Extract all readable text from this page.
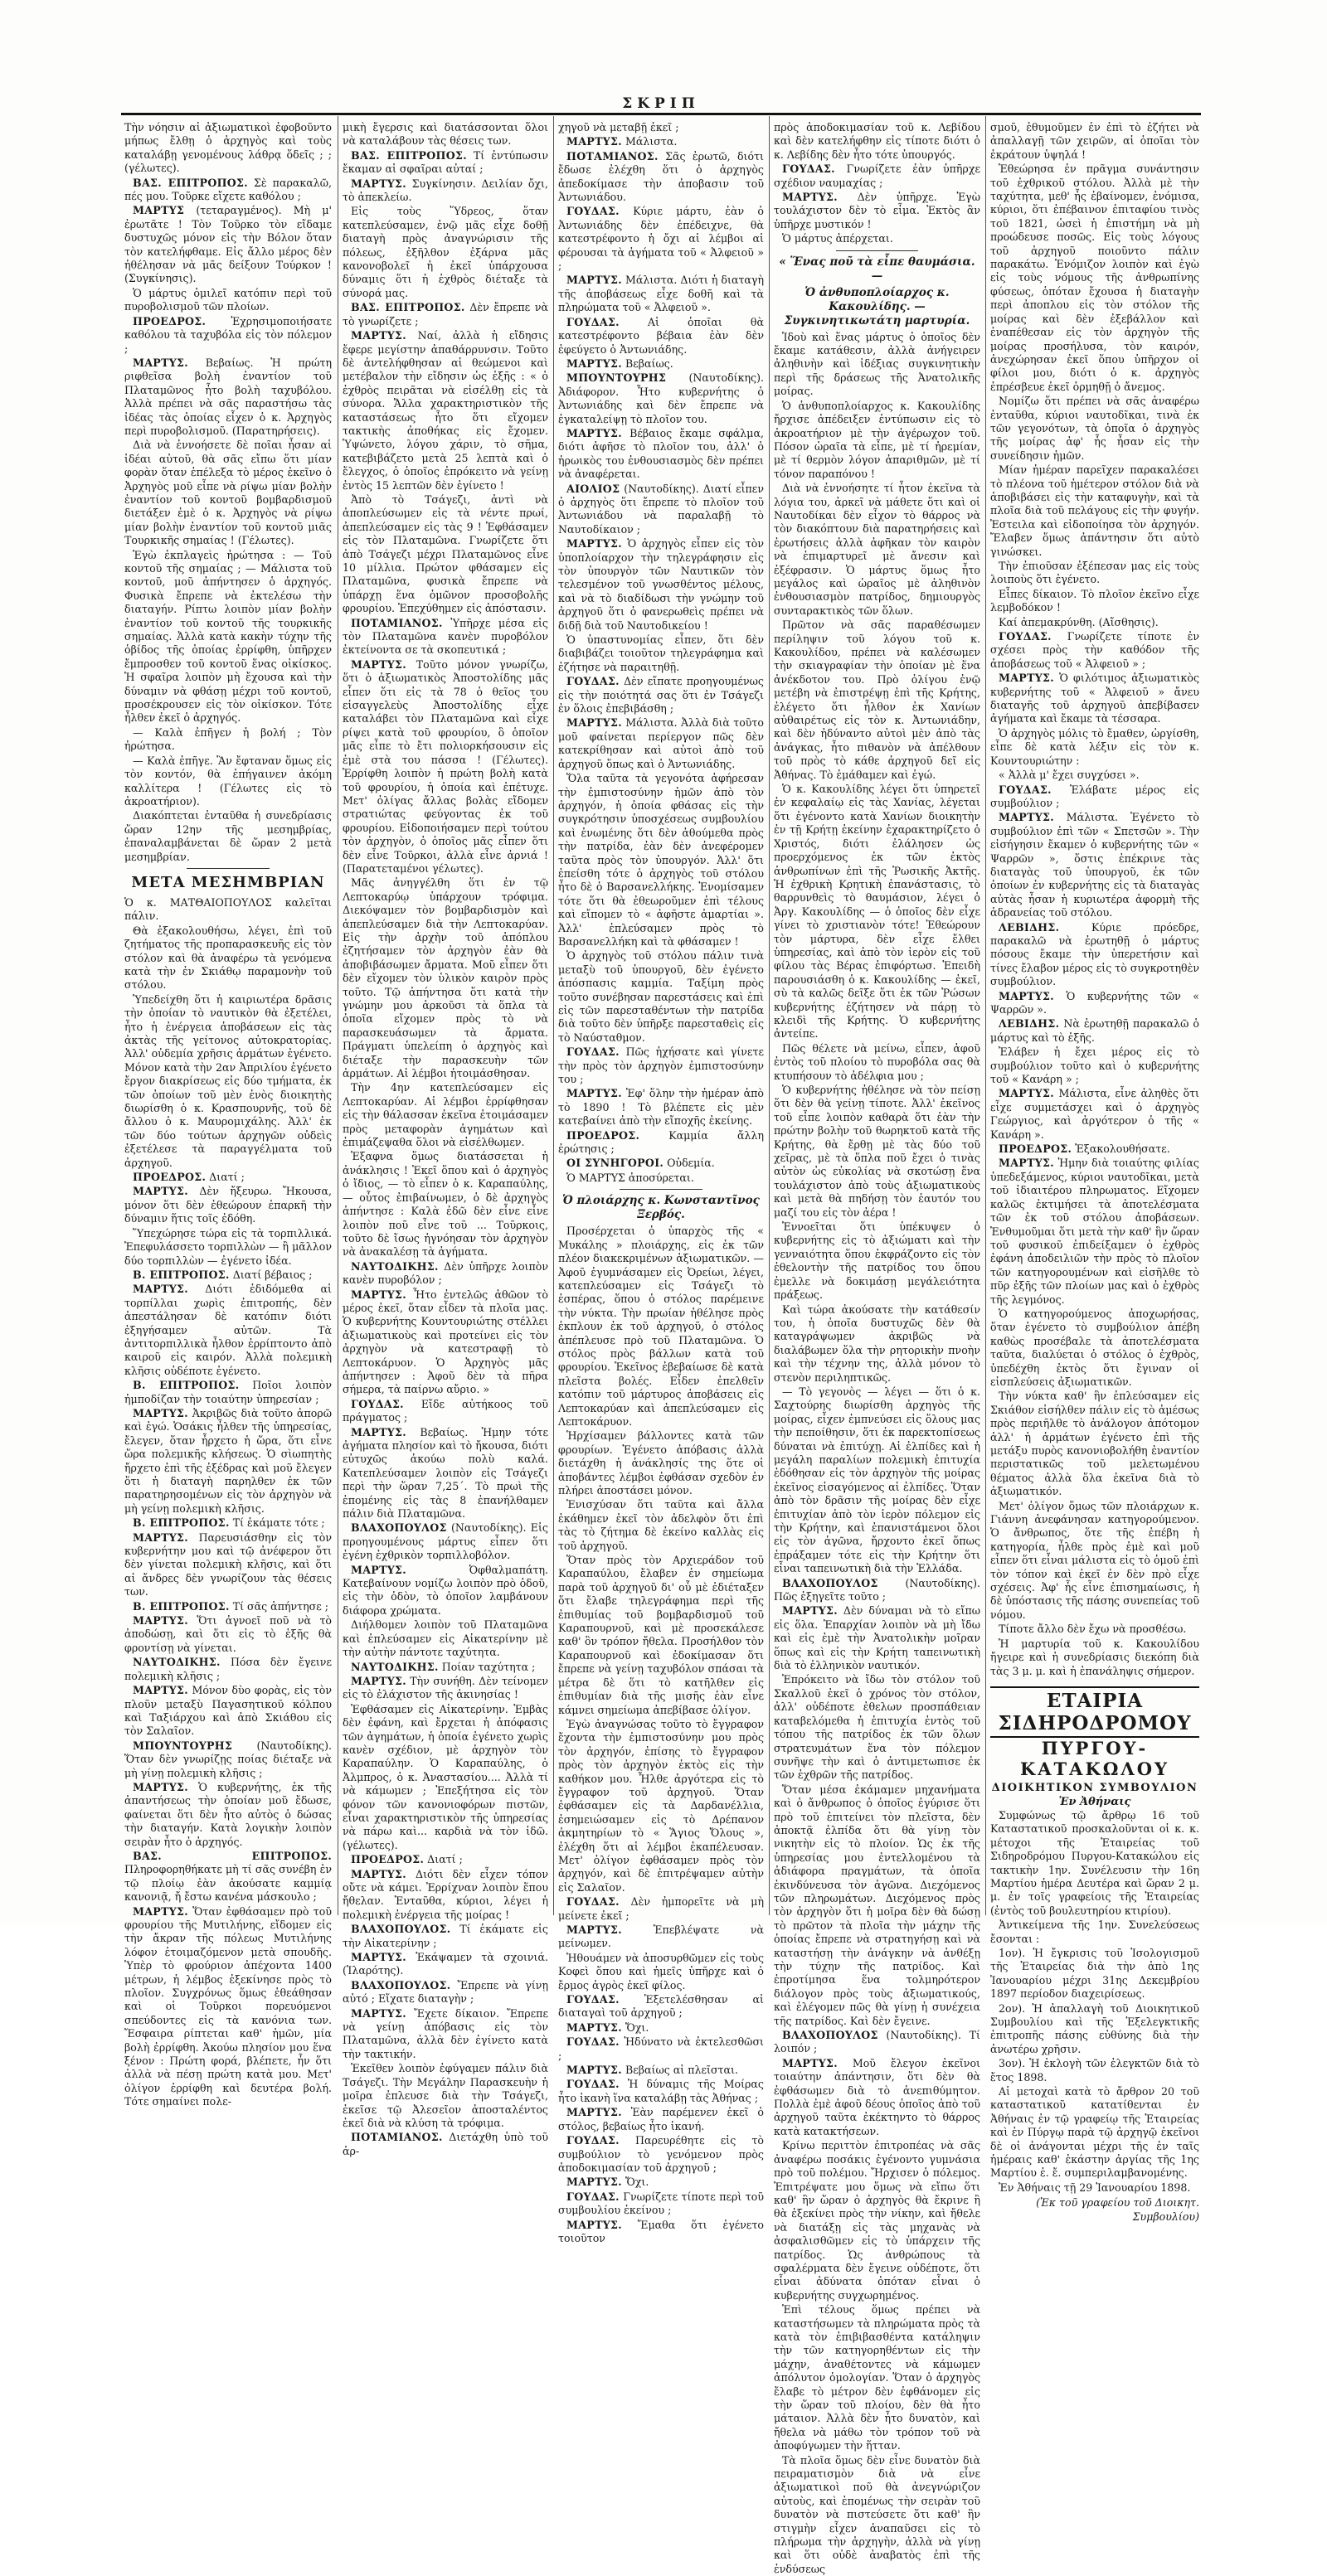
ΣΚΡΙΠ

Τὴν νόησιν αἱ ἀξιωματικοὶ ἐφοβοῦντο μήπως ἔλθῃ ὁ ἀρχηγὸς καὶ τοὺς καταλάβῃ γενομένους λάθρᾳ ὅδεῖς ; ; (γέλωτες).

ΒΑΣ. ΕΠΙΤΡΟΠΟΣ. Σὲ παρακαλῶ, πές μου. Τοῦρκε εἴχετε καθόλου ;

ΜΑΡΤΥΣ (τεταραγμένος). Μὴ μ' ἐρωτᾶτε ! Τὸν Τοῦρκο τὸν εἴδαμε δυστυχῶς μόνον εἰς τὴν Βόλον ὅταν τὸν κατελήφθαμε. Εἰς ἄλλο μέρος δὲν ἠθέλησαν νὰ μᾶς δείξουν Τούρκον ! (Συγκίνησις).

Ὁ μάρτυς ὁμιλεῖ κατόπιν περὶ τοῦ πυροβολισμοῦ τῶν πλοίων.

ΠΡΟΕΔΡΟΣ. Ἐχρησιμοποιήσατε καθόλου τὰ ταχυβόλα εἰς τὸν πόλεμον ;

ΜΑΡΤΥΣ. Βεβαίως. Ἡ πρώτη ριφθεῖσα βολὴ ἐναντίον τοῦ Πλαταμῶνος ἦτο βολὴ ταχυβόλου. Ἀλλὰ πρέπει νὰ σᾶς παραστήσω τὰς ἰδέας τὰς ὁποίας εἶχεν ὁ κ. Ἀρχηγὸς περὶ πυροβολισμοῦ. (Παρατηρήσεις).

Διὰ νὰ ἐννοήσετε δὲ ποῖαι ἦσαν αἱ ἰδέαι αὐτοῦ, θὰ σᾶς εἴπω ὅτι μίαν φορὰν ὅταν ἐπέλεξα τὸ μέρος ἐκεῖνο ὁ Ἀρχηγὸς μοῦ εἶπε νὰ ρίψω μίαν βολὴν ἐναντίον τοῦ κοντοῦ βομβαρδισμοῦ διετάξεν ἐμὲ ὁ κ. Ἀρχηγὸς νὰ ρίψω μίαν βολὴν ἐναντίον τοῦ κοντοῦ μιᾶς Τουρκικῆς σημαίας ! (Γέλωτες).

Ἐγὼ ἐκπλαγεὶς ἠρώτησα : — Τοῦ κοντοῦ τῆς σημαίας ; — Μάλιστα τοῦ κοντοῦ, μοῦ ἀπήντησεν ὁ ἀρχηγός. Φυσικὰ ἔπρεπε νὰ ἐκτελέσω τὴν διαταγήν. Ρίπτω λοιπὸν μίαν βολὴν ἐναντίον τοῦ κοντοῦ τῆς τουρκικῆς σημαίας. Ἀλλὰ κατὰ κακὴν τύχην τῆς ὁβίδος τῆς ὁποίας ἐρρίφθη, ὑπῆρχεν ἔμπροσθεν τοῦ κοντοῦ ἕνας οἰκίσκος. Ἡ σφαῖρα λοιπὸν μὴ ἔχουσα καὶ τὴν δύναμιν νὰ φθάσῃ μέχρι τοῦ κοντοῦ, προσέκρουσεν εἰς τὸν οἰκίσκον. Τότε ἦλθεν ἐκεῖ ὁ ἀρχηγός.

— Καλὰ ἐπῆγεν ἡ βολή ; Τὸν ἠρώτησα.

— Καλὰ ἐπῆγε. Ἂν ἔφταναν ὅμως εἰς τὸν κοντόν, θὰ ἐπήγαινεν ἀκόμη καλλίτερα ! (Γέλωτες εἰς τὸ ἀκροατήριον).

Διακόπτεται ἐνταῦθα ἡ συνεδρίασις ὥραν 12ην τῆς μεσημβρίας, ἐπαναλαμβάνεται δὲ ὥραν 2 μετὰ μεσημβρίαν.

ΜΕΤΑ ΜΕΣΗΜΒΡΙΑΝ

Ὁ κ. ΜΑΤΘΑΙΟΠΟΥΛΟΣ καλεῖται πάλιν.

Θὰ ἐξακολουθήσω, λέγει, ἐπὶ τοῦ ζητήματος τῆς προπαρασκευῆς εἰς τὸν στόλον καὶ θὰ ἀναφέρω τὰ γενόμενα κατὰ τὴν ἐν Σκιάθῳ παραμονὴν τοῦ στόλου.

Ὑπεδείχθη ὅτι ἡ καιριωτέρα δρᾶσις τὴν ὁποίαν τὸ ναυτικὸν θὰ ἐξετέλει, ἦτο ἡ ἐνέργεια ἀποβάσεων εἰς τὰς ἀκτὰς τῆς γείτονος αὐτοκρατορίας. Ἀλλ' οὐδεμία χρῆσις ἀρμάτων ἐγένετο. Μόνον κατὰ τὴν 2αν Ἀπριλίου ἐγένετο ἔργον διακρίσεως εἰς δύο τμήματα, ἐκ τῶν ὁποίων τοῦ μὲν ἑνὸς διοικητὴς διωρίσθη ὁ κ. Κρασπουρνῆς, τοῦ δὲ ἄλλου ὁ κ. Μαυρομιχάλης. Ἀλλ' ἐκ τῶν δύο τούτων ἀρχηγῶν οὐδεὶς ἐξετέλεσε τὰ παραγγέλματα τοῦ ἀρχηγοῦ.

ΠΡΟΕΔΡΟΣ. Διατί ;

ΜΑΡΤΥΣ. Δὲν ἤξευρω. Ἤκουσα, μόνον ὅτι δὲν ἐθεώρουν ἐπαρκῆ τὴν δύναμιν ἥτις τοῖς ἐδόθη.

Ὕπεχώρησε τώρα εἰς τὰ τορπιλλικά. Ἐπεφυλάσσετο τορπιλλὼν — ἢ μᾶλλον δύο τορπιλλὼν — ἐγένετο ἰδέα.

Β. ΕΠΙΤΡΟΠΟΣ. Διατί βέβαιος ;

ΜΑΡΤΥΣ. Διότι ἐδιδόμεθα αἱ τορπίλλαι χωρὶς ἐπιτροπής, δὲν ἀπεστάλησαν δὲ κατόπιν διότι ἐξηγήσαμεν αὐτῶν. Τὰ ἀντιτορπιλλικὰ ἦλθον ἐρρίπτοντο ἀπὸ καιροῦ εἰς καιρόν. Ἀλλὰ πολεμικὴ κλῆσις οὐδέποτε ἐγένετο.

Β. ΕΠΙΤΡΟΠΟΣ. Ποῖοι λοιπὸν ἠμποδίζαν τὴν τοιαύτην ὑπηρεσίαν ;

ΜΑΡΤΥΣ. Ἀκριβῶς διὰ τοῦτο ἀπορῶ καὶ ἐγώ. Ὁσάκις ἦλθεν τῆς ὑπηρεσίας, ἔλεγεν, ὅταν ἦρχετο ἡ ὥρα, ὅτι εἶνε ὥρα πολεμικῆς κλήσεως. Ὁ σὶωπητὴς ἤρχετο ἐπὶ τῆς ἐξέδρας καὶ μοῦ ἔλεγεν ὅτι ἡ διαταγὴ παρηλθεν ἐκ τῶν παρατηρησομένων εἰς τὸν ἀρχηγὸν νὰ μὴ γείνῃ πολεμικὴ κλῆσις.

Β. ΕΠΙΤΡΟΠΟΣ. Τί ἐκάματε τότε ;

ΜΑΡΤΥΣ. Παρευσιάσθην εἰς τὸν κυβερνήτην μου καὶ τῷ ἀνέφερον ὅτι δὲν γίνεται πολεμικὴ κλῆσις, καὶ ὅτι αἱ ἄνδρες δὲν γνωρίζουν τὰς θέσεις των.

Β. ΕΠΙΤΡΟΠΟΣ. Τί σᾶς ἀπήντησε ;

ΜΑΡΤΥΣ. Ὅτι ἀγνοεῖ ποῦ νὰ τὸ ἀποδώσῃ, καὶ ὅτι εἰς τὸ ἑξῆς θὰ φροντίσῃ νὰ γίνεται.

ΝΑΥΤΟΔΙΚΗΣ. Πόσα δὲν ἔγεινε πολεμικὴ κλῆσις ;

ΜΑΡΤΥΣ. Μόνον δὺο φορὰς, εἰς τὸν πλοῦν μεταξὺ Παγασητικοῦ κόλπου καὶ Ταξιάρχου καὶ ἀπὸ Σκιάθου εἰς τὸν Σαλαῖον.

ΜΠΟΥΝΤΟΥΡΗΣ (Ναυτοδίκης). Ὅταν δὲν γνωρίζῃς ποίας διέταξε νὰ μὴ γίνῃ πολεμικὴ κλῆσις ;

ΜΑΡΤΥΣ. Ὁ κυβερνήτης, ἐκ τῆς ἀπαντήσεως τὴν ὁποίαν μοῦ ἔδωσε, φαίνεται ὅτι δὲν ἦτο αὐτὸς ὁ δώσας τὴν διαταγήν. Κατὰ λογικὴν λοιπὸν σειρὰν ἦτο ὁ ἀρχηγός.

ΒΑΣ. ΕΠΙΤΡΟΠΟΣ. Πληροφορηθήκατε μὴ τί σᾶς συνέβη ἐν τῷ πλοίῳ ἐὰν ἀκούσατε καμμίᾳ κανονιᾷ, ἤ ἔστω κανένα μάσκουλο ;

ΜΑΡΤΥΣ. Ὅταν ἐφθάσαμεν πρὸ τοῦ φρουρίου τῆς Μυτιλήνης, εἴδομεν εἰς τὴν ἄκραν τῆς πόλεως Μυτιλήνης λόφον ἐτοιμαζόμενον μετὰ σπουδῆς. Ὑπὲρ τὸ φρούριον ἀπέχοντα 1400 μέτρων, ἡ λέμβος ἐξεκίνησε πρὸς τὸ πλοῖον. Συγχρόνως ὅμως ἐθεάθησαν καὶ οἱ Τοῦρκοι πορευόμενοι σπεύδοντες εἰς τὰ κανόνια των. Ἔσφαιρα ρίπτεται καθ' ἡμῶν, μία βολὴ ἐρρίφθη. Ἀκούω πλησίον μου ἕνα ξένον : Πρώτη φορά, βλέπετε, ἦν ὅτι ἀλλὰ νὰ πέσῃ πρώτη κατὰ μου. Μετ' ὀλίγον ἐρρίφθη καὶ δευτέρα βολή. Τότε σημαίνει πολε-

μικὴ ἔγερσις καὶ διατάσσονται ὅλοι νὰ καταλάβουν τὰς θέσεις των.

ΒΑΣ. ΕΠΙΤΡΟΠΟΣ. Τί ἐντύπωσιν ἔκαμαν αἱ σφαῖραι αὐταί ;

ΜΑΡΤΥΣ. Συγκίνησιν. Δειλίαν ὄχι, τὸ ἀπεκλείω.

Εἰς τοὺς Ὕδρεος, ὅταν κατεπλεύσαμεν, ἐνῷ μᾶς εἶχε δοθῇ διαταγὴ πρὸς ἀναγνώρισιν τῆς πόλεως, ἐξῆλθον ἐξάρνα μᾶς κανονοβολεῖ ἡ ἐκεῖ ὑπάρχουσα δύναμις ὅτι ἡ ἐχθρὸς διέταξε τὰ σύνορά μας.

ΒΑΣ. ΕΠΙΤΡΟΠΟΣ. Δὲν ἔπρεπε νὰ τὸ γνωρίζετε ;

ΜΑΡΤΥΣ. Ναί, ἀλλὰ ἡ εἴδησις ἔφερε μεγίστην ἀπαθάρρυνσιν. Τοῦτο δὲ ἀντελήφθησαν αἱ θεώμενοι καὶ μετέβαλον τὴν εἴδησιν ὡς ἑξῆς : « ὁ ἐχθρὸς πειρᾶται νὰ εἰσέλθῃ εἰς τὰ σύνορα. Ἄλλα χαρακτηριστικὸν τῆς καταστάσεως ἦτο ὅτι εἴχομεν τακτικὴς ἀποθήκας εἰς ἔχομεν. Ὑψώνετο, λόγου χάριν, τὸ σῆμα, κατεβιβάζετο μετὰ 25 λεπτὰ καὶ ὁ ἔλεγχος, ὁ ὁποῖος ἐπρόκειτο νὰ γείνῃ ἐντὸς 15 λεπτῶν δὲν ἐγίνετο !

Ἀπὸ τὸ Τσάγεζι, ἀντὶ νὰ ἀποπλεύσωμεν εἰς τὰ νέντε πρωί, ἀπεπλεύσαμεν εἰς τὰς 9 ! Ἐφθάσαμεν εἰς τὸν Πλαταμῶνα. Γνωρίζετε ὅτι ἀπὸ Τσάγεζι μέχρι Πλαταμῶνος εἶνε 10 μίλλια. Πρώτον φθάσαμεν εἰς Πλαταμῶνα, φυσικὰ ἔπρεπε νὰ ὑπάρχῃ ἕνα ὁμῶνον προσοβολῆς φρουρίου. Ἐπεχύθημεν εἰς ἀπόστασιν.

ΠΟΤΑΜΙΑΝΟΣ. Ὑπῆρχε μέσα εἰς τὸν Πλαταμῶνα κανὲν πυροβόλον ἐκτείνοντα σε τὰ σκοπευτικά ;

ΜΑΡΤΥΣ. Τοῦτο μόνον γνωρίζω, ὅτι ὁ ἀξιωματικὸς Ἀποστολίδης μᾶς εἶπεν ὅτι εἰς τὰ 78 ὁ θεῖος του εἰσαγγελεὺς Ἀποστολίδης εἶχε καταλάβει τὸν Πλαταμῶνα καὶ εἶχε ρίψει κατὰ τοῦ φρουρίου, ὃ ὁποῖον μᾶς εἶπε τὸ ἔτι πολιορκήσουσιν εἰς ἐμὲ στὰ του πάσσα ! (Γέλωτες). Ἐρρίφθη λοιπὸν ἡ πρώτη βολὴ κατὰ τοῦ φρουρίου, ἡ ὁποία καὶ ἐπέτυχε. Μετ' ὀλίγας ἄλλας βολὰς εἴδομεν στρατιώτας φεύγοντας ἐκ τοῦ φρουρίου. Εἰδοποιήσαμεν περὶ τούτου τὸν ἀρχηγὸν, ὁ ὁποῖος μᾶς εἶπεν ὅτι δὲν εἶνε Τοῦρκοι, ἀλλὰ εἶνε ἀρνιά ! (Παρατεταμένοι γέλωτες).

Μᾶς ἀνηγγέλθη ὅτι ἐν τῷ Λεπτοκαρύῳ ὑπάρχουν τρόφιμα. Διεκόψαμεν τὸν βομβαρδισμὸν καὶ ἀπεπλεύσαμεν διὰ τὴν Λεπτοκαρύαν. Εἰς τὴν ἀρχὴν τοῦ ἀπόπλου ἐζητήσαμεν τὸν ἀρχηγὸν ἐὰν θὰ ἀποβιβάσωμεν ἄρματα. Μοῦ εἶπεν ὅτι δὲν εἴχομεν τὸν ὑλικὸν καιρὸν πρὸς τοῦτο. Τῷ ἀπήντησα ὅτι κατὰ τὴν γνώμην μου ἀρκοῦσι τὰ ὅπλα τὰ ὁποῖα εἴχομεν πρὸς τὸ νὰ παρασκευάσωμεν τὰ ἄρματα. Πράγματι ὑπελείπη ὁ ἀρχηγὸς καὶ διέταξε τὴν παρασκευὴν τῶν ἀρμάτων. Αἱ λέμβοι ἡτοιμάσθησαν.

Τὴν 4ην κατεπλεύσαμεν εἰς Λεπτοκαρύαν. Αἱ λέμβοι ἐρρίφθησαν εἰς τὴν θάλασσαν ἐκεῖνα ἐτοιμάσαμεν πρὸς μεταφορὰν ἀγημάτων καὶ ἐπιμάζεψαθα ὅλοι νὰ εἰσέλθωμεν.

Ἐξαφνα ὅμως διατάσσεται ἡ ἀνάκλησις ! Ἐκεῖ ὅπου καὶ ὁ ἀρχηγὸς ὁ ἴδιος, — τὸ εἶπεν ὁ κ. Καραπαύλης, — οὗτος ἐπιβαίνωμεν, ὁ δὲ ἀρχηγὸς ἀπήντησε : Καλὰ ἐδῶ δὲν εἶνε εἶνε λοιπὸν ποῦ εἶνε τοῦ ... Τοῦρκοις, τοῦτο δὲ ἴσως ἠγνόησαν τὸν ἀρχηγὸν νὰ ἀνακαλέσῃ τὰ ἀγήματα.

ΝΑΥΤΟΔΙΚΗΣ. Δὲν ὑπῆρχε λοιπὸν κανὲν πυροβόλον ;

ΜΑΡΤΥΣ. Ἦτο ἐντελῶς ἀθῶον τὸ μέρος ἐκεῖ, ὅταν εἶδεν τὰ πλοῖα μας. Ὁ κυβερνήτης Κουντουριώτης στέλλει ἀξιωματικοὺς καὶ προτείνει εἰς τὸν ἀρχηγὸν νὰ κατεστραφῇ τὸ Λεπτοκάρυον. Ὁ Ἀρχηγὸς μᾶς ἀπήντησεν : Ἀφοῦ δὲν τὰ πῆρα σήμερα, τὰ παίρνω αὔριο. »

ΓΟΥΔΑΣ. Εἴδε αὐτήκοος τοῦ πράγματος ;

ΜΑΡΤΥΣ. Βεβαίως. Ἡμην τότε ἀγήματα πλησίον καὶ τὸ ἤκουσα, διότι εὐτυχῶς ἀκούω πολὺ καλά. Κατεπλεύσαμεν λοιπὸν εἰς Τσάγεζι περὶ τὴν ὥραν 7,25΄. Τὸ πρωὶ τῆς ἑπομένης εἰς τὰς 8 ἐπανήλθαμεν πάλιν διὰ Πλαταμῶνα.

ΒΛΑΧΟΠΟΥΛΟΣ (Ναυτοδίκης). Εἰς προηγουμένους μάρτυς εἶπεν ὅτι ἐγένη ἐχθρικὸν τορπιλλοβόλον.

ΜΑΡΤΥΣ.	Ὀφθαλμαπάτη. Κατεβαίνουν νομίζω λοιπὸν πρὸ ὁδοῦ, εἰς τὴν ὁδὸν, τὸ ὁποῖον λαμβάνουν διάφορα χρώματα.

Διήλθομεν λοιπὸν τοῦ Πλαταμῶνα καὶ ἐπλεύσαμεν εἰς Αἰκατερίνην μὲ τὴν αὐτὴν πάντοτε ταχύτητα.

ΝΑΥΤΟΔΙΚΗΣ. Ποίαν ταχύτητα ;

ΜΑΡΤΥΣ. Τὴν συνήθη. Δὲν τείνομεν εἰς τὸ ἐλάχιστον τῆς ἀκινησίας !

Ἐφθάσαμεν εἰς Αἰκατερίνην. Ἐμβὰς δὲν ἐφάνη, καὶ ἔρχεται ἡ ἀπόφασις τῶν ἀγημάτων, ἡ ὁποία ἐγένετο χωρὶς κανὲν σχέδιον, μὲ ἀρχηγὸν τὸν Καραπαύλην. Ὁ Καραπαύλης, ὁ Ἀλμπρος, ὁ κ. Ἀναστασίου.... Ἀλλὰ τί νὰ κάμωμεν ; Ἐπεξήτησα εἰς τὸν φόνον τῶν κανονιοφόρων πιστῶν, εἶναι χαρακτηριστικὸν τῆς ὑπηρεσίας νὰ πάρω καὶ... καρδιὰ νὰ τὸν ἰδῶ. (γέλωτες).

ΠΡΟΕΔΡΟΣ. Διατί ;

ΜΑΡΤΥΣ. Διότι δὲν εἶχεν τόπον οὔτε νὰ κάμει. Ἐρρίχναν λοιπὸν ἕπου ἤθελαν. Ἐνταῦθα, κύριοι, λέγει ἡ πολεμικὴ ἐνέργεια τῆς μοίρας !

ΒΛΑΧΟΠΟΥΛΟΣ. Τί ἐκάματε εἰς τὴν Αἰκατερίνην ;

ΜΑΡΤΥΣ. Ἐκάψαμεν τὰ σχοινιά. (Ἱλαρότης).

ΒΛΑΧΟΠΟΥΛΟΣ. Ἔπρεπε νὰ γίνῃ αὐτό ; Εἴχατε διαταγὴν ;

ΜΑΡΤΥΣ. Ἔχετε δίκαιον. Ἔπρεπε νὰ γείνῃ ἀπόβασις εἰς τὸν Πλαταμῶνα, ἀλλὰ δὲν ἐγίνετο κατὰ τὴν τακτικήν.

Ἐκεῖθεν λοιπὸν ἐφύγαμεν πάλιν διὰ Τσάγεζι. Τὴν Μεγάλην Παρασκευὴν ἡ μοῖρα ἐπλευσε διὰ τὴν Τσάγεζι, ἐκεῖσε τῷ Ἀλεσεῖον ἀποσταλέντος ἐκεῖ διὰ νὰ κλύση τὰ τρόφιμα.

ΠΟΤΑΜΙΑΝΟΣ. Διετάχθη ὑπὸ τοῦ ἀρ-

χηγοῦ νὰ μεταβῇ ἐκεῖ ;

ΜΑΡΤΥΣ. Μάλιστα.

ΠΟΤΑΜΙΑΝΟΣ. Σᾶς ἐρωτῶ, διότι ἔδωσε ἐλέχθη ὅτι ὁ ἀρχηγὸς ἀπεδοκίμασε τὴν ἀποβασιν τοῦ Ἀντωνιάδου.

ΓΟΥΔΑΣ. Κύριε μάρτυ, ἐὰν ὁ Ἀντωνιάδης δὲν ἐπέδειχνε, θὰ κατεστρέφοντο ἡ ὄχι αἱ λέμβοι αἱ φέρουσαι τὰ ἀγήματα τοῦ « Ἀλφειοῦ » ;

ΜΑΡΤΥΣ. Μάλιστα. Διότι ἡ διαταγὴ τῆς ἀποβάσεως εἶχε δοθῆ καὶ τὰ πληρώματα τοῦ « Ἀλφειοῦ ».

ΓΟΥΔΑΣ.	Αἱ ὁποῖαι θὰ κατεστρέφοντο βέβαια ἐὰν δὲν ἐφεύγετο ὁ Ἀντωνιάδης.

ΜΑΡΤΥΣ. Βεβαίως.

ΜΠΟΥΝΤΟΥΡΗΣ (Ναυτοδίκης). Ἀδιάφορον. Ἦτο κυβερνήτης ὁ Ἀντωνιάδης καὶ δὲν ἔπρεπε νὰ ἐγκαταλείψῃ τὸ πλοῖον του.

ΜΑΡΤΥΣ. Βέβαιος ἔκαμε σφάλμα, διότι ἀφῆσε τὸ πλοῖον του, ἀλλ' ὁ ἡρωικὸς του ἐνθουσιασμὸς δὲν πρέπει νὰ ἀναφέρεται.

ΑΙΟΛΙΟΣ (Ναυτοδίκης). Διατί εἶπεν ὁ ἀρχηγὸς ὅτι ἔπρεπε τὸ πλοῖον τοῦ Ἀντωνιάδου νὰ παραλαβῇ τὸ Ναυτοδίκαιον ;

ΜΑΡΤΥΣ. Ὁ ἀρχηγὸς εἶπεν εἰς τὸν ὑποπλοίαρχον τὴν τηλεγράφησιν εἰς τὸν ὑπουργὸν τῶν Ναυτικῶν τὸν τελεσμένον τοῦ γνωσθέντος μέλους, καὶ νὰ τὸ διαδίδωσι τὴν γνώμην τοῦ ἀρχηγοῦ ὅτι ὁ φανερωθεὶς πρέπει νὰ διδῇ διὰ τοῦ Ναυτοδικείου !

Ὁ ὑπαστυνομίας εἶπεν, ὅτι δὲν διαβιβάζει τοιοῦτον τηλεγράφημα καὶ ἐζήτησε νὰ παραιτηθῇ.

ΓΟΥΔΑΣ. Δὲν εἴπατε προηγουμένως εἰς τὴν ποιότητά σας ὅτι ἐν Τσάγεζι ἐν ὅλοις ἐπεβιβάσθη ;

ΜΑΡΤΥΣ. Μάλιστα. Ἀλλὰ διὰ τοῦτο μοῦ φαίνεται περίεργον πῶς δὲν κατεκρίθησαν καὶ αὐτοὶ ἀπὸ τοῦ ἀρχηγοῦ ὅπως καὶ ὁ Ἀντωνιάδης.

Ὅλα ταῦτα τὰ γεγονότα ἀφήρεσαν τὴν ἐμπιστοσύνην ἡμῶν ἀπὸ τὸν ἀρχηγόν, ἡ ὁποία φθάσας εἰς τὴν συγκρότησιν ὑποσχέσεως συμβουλίου καὶ ἐνωμένης ὅτι δὲν ἀθούμεθα πρὸς τὴν πατρίδα, ἐὰν δὲν ἀνεφέρομεν ταῦτα πρὸς τὸν ὑπουργόν. Ἀλλ' ὅτι ἐπείσθη τότε ὁ ἀρχηγὸς τοῦ στόλου ἦτο δὲ ὁ Βαρσανελλήκης. Ἐνομίσαμεν τότε ὅτι θὰ ἐθεωροῦμεν ἐπὶ τέλους καὶ εἴπομεν τὸ « ἀφῆστε ἀμαρτίαι ». Ἀλλ' ἐπλεύσαμεν πρὸς τὸ Βαρσανελλήκη καὶ τὰ φθάσαμεν !

Ὁ ἀρχηγὸς τοῦ στόλου πάλιν τινὰ μεταξὺ τοῦ ὑπουργοῦ, δὲν ἐγένετο ἀπόσπασις καμμία. Ταξίμη πρὸς τοῦτο συνέβησαν παρεστάσεις καὶ ἐπὶ εἰς τῶν παρεσταθέντων τὴν πατρίδα διὰ τοῦτο δὲν ὑπῆρξε παρεσταθεὶς εἰς τὸ Ναύσταθμον.

ΓΟΥΔΑΣ. Πῶς ἠχήσατε καὶ γίνετε τὴν πρὸς τὸν ἀρχηγὸν ἐμπιστοσύνην του ;

ΜΑΡΤΥΣ. Ἐφ' ὅλην τὴν ἡμέραν ἀπὸ τὸ 1890 ! Τὸ βλέπετε εἰς μὲν κατεβαίνει ἀπὸ τὴν εἴποχῆς ἐκείνης.

ΠΡΟΕΔΡΟΣ.	Καμμία ἄλλη ἐρώτησις ;

ΟΙ ΣΥΝΗΓΟΡΟΙ. Οὐδεμία.

Ὁ ΜΑΡΤΥΣ ἀποσύρεται.

Ὁ πλοιάρχης κ. Κωνσταντῖνος Ξερβός.

Προσέρχεται ὁ ὑπαρχὸς τῆς « Μυκάλης » πλοιάρχης, εἰς ἐκ τῶν πλέον διακεκριμένων ἀξιωματικῶν. — Ἀφοῦ ἐγυμνάσαμεν εἰς Ὀρείωι, λέγει, κατεπλεύσαμεν εἰς Τσάγεζι τὸ ἑσπέρας, ὅπου ὁ στόλος παρέμεινε τὴν νύκτα. Τὴν πρωίαν ἠθέλησε πρὸς ἐκπλουν ἐκ τοῦ ἀρχηγοῦ, ὁ στόλος ἀπέπλευσε πρὸ τοῦ Πλαταμῶνα. Ὁ στόλος πρὸς βάλλων κατὰ τοῦ φρουρίου. Ἐκεῖνος ἐβεβαίωσε δὲ κατὰ πλεῖστα βολές. Εἶδεν ἐπελθεῖν κατόπιν τοῦ μάρτυρος ἀποβάσεις εἰς Λεπτοκαρύαν καὶ ἀπεπλεύσαμεν εἰς Λεπτοκάρυον.

Ἡρχίσαμεν βάλλοντες κατὰ τῶν φρουρίων. Ἐγένετο ἀπόβασις ἀλλὰ διετάχθη ἡ ἀνάκλησίς της ὅτε οἱ ἀποβάντες λέμβοι ἐφθάσαν σχεδὸν ἐν πλήρει ἀποστάσει μόνον.

Ἐνισχύσαν ὅτι ταῦτα καὶ ἄλλα ἐκάθημεν ἐκεῖ τὸν ἀδελφὸν ὅτι ἐπὶ τὰς τὸ ζήτημα δὲ ἐκείνο καλλὰς εἰς τοῦ ἀρχηγοῦ.

Ὅταν πρὸς τὸν Αρχιεράδον τοῦ Καραπαύλου, ἔλαβεν ἐν σημείωμα παρὰ τοῦ ἀρχηγοῦ δι' οὗ μὲ ἐδιέταξεν ὅτι ἔλαβε τηλεγράφημα περὶ τῆς ἐπιθυμίας τοῦ βομβαρδισμοῦ τοῦ Καραπουρνοῦ, καὶ μὲ προσεκάλεσε καθ' ὃν τρόπον ἤθελα. Προσήλθον τὸν Καραπουρνοῦ καὶ ἐδοκίμασαν ὅτι ἔπρεπε νὰ γείνῃ ταχυβόλον σπάσαι τὰ μέτρα δὲ ὅτι τὸ κατῆλθεν εἰς ἐπιθυμίαν διὰ τῆς μισῆς ἐὰν εἶνε κάμνει σημείωμα ἀπεβίβασε ὀλίγον.

Ἐγὼ ἀναγνώσας τοῦτο τὸ ἔγγραφον ἔχοντα τὴν ἐμπιστοσύνην μου πρὸς τὸν ἀρχηγόν, ἐπίσης τὸ ἔγγραφον πρὸς τὸν ἀρχηγὸν ἑκτὸς εἰς τὴν καθήκον μου. Ἦλθε ἀργότερα εἰς τὸ ἔγγραφον τοῦ ἀρχηγοῦ. Ὅταν ἐφθάσαμεν εἰς τὰ Δαρδανέλλια, ἐσημειώσαμεν εἰς τὸ Δρέπανον ἀκμητηρίων τὸ « Ἅγιος Ὄλους », ἐλέχθη ὅτι αἱ λέμβοι ἐκαπέλευσαν. Μετ' ὀλίγον ἐφθάσαμεν πρὸς τὸν ἀρχηγόν, καὶ δὲ ἐπιτρέψαμεν αὐτὴν εἰς Σαλαῖον.

ΓΟΥΔΑΣ. Δὲν ἠμπορεῖτε νὰ μὴ μείνετε ἐκεῖ ;

ΜΑΡΤΥΣ.	Ἐπεβλέψατε νὰ μείνωμεν.

Ἡθουάμεν νὰ ἀποσυρθῶμεν εἰς τοὺς Κοφεὶ ὅπου καὶ ἡμεῖς ὑπῆρχε καὶ ὁ ἔρμος ἀγρὸς ἐκεῖ φίλος.

ΓΟΥΔΑΣ. Ἐξετελέσθησαν αἱ διαταγαὶ τοῦ ἀρχηγοῦ ;

ΜΑΡΤΥΣ. Ὄχι.

ΓΟΥΔΑΣ. Ἠδύνατο νὰ ἐκτελεσθῶσι ;

ΜΑΡΤΥΣ. Βεβαίως αἱ πλεῖσται.

ΓΟΥΔΑΣ. Ἡ δύναμις τῆς Μοίρας ἦτο ἱκανὴ ἵνα καταλάβῃ τὰς Ἀθήνας ;

ΜΑΡΤΥΣ. Ἐὰν παρέμενεν ἐκεῖ ὁ στόλος, βεβαίως ἦτο ἱκανή.

ΓΟΥΔΑΣ. Παρευρέθητε εἰς τὸ συμβούλιον τὸ γενόμενον πρὸς ἀποδοκιμασίαν τοῦ ἀρχηγοῦ ;

ΜΑΡΤΥΣ. Ὄχι.

ΓΟΥΔΑΣ. Γνωρίζετε τίποτε περὶ τοῦ συμβουλίου ἐκείνου ;

ΜΑΡΤΥΣ. Ἔμαθα ὅτι ἐγένετο τοιοῦτον

πρὸς ἀποδοκιμασίαν τοῦ κ. Λεβίδου καὶ δὲν κατελήφθην εἰς τίποτε διότι ὁ κ. Λεβίδης δὲν ἦτο τότε ὑπουργός.

ΓΟΥΔΑΣ. Γνωρίζετε ἐὰν ὑπῆρχε σχέδιον ναυμαχίας ;

ΜΑΡΤΥΣ. Δὲν ὑπῆρχε. Ἐγὼ τουλάχιστον δὲν τὸ εἶμα. Ἐκτὸς ἂν ὑπῆρχε μυστικόν !

Ὁ μάρτυς ἀπέρχεται.

« Ἕνας ποῦ τὰ εἶπε θαυμάσια. —
Ὁ ἀνθυποπλοίαρχος κ. Κακουλίδης. — Συγκινητικωτάτη μαρτυρία.

Ἰδοὺ καὶ ἕνας μάρτυς ὁ ὁποῖος δὲν ἔκαμε κατάθεσιν, ἀλλὰ ἀνήγειρεν ἀληθινὴν καὶ ἰδέξιας συγκινητικὴν περὶ τῆς δράσεως τῆς Ἀνατολικῆς μοίρας.

Ὁ ἀνθυποπλοίαρχος κ. Κακουλίδης ἤρχισε ἀπέδειξεν ἐντύπωσιν εἰς τὸ ἀκροατήριον μὲ τὴν ἀγέρωχον τοῦ. Πόσον ὡραῖα τὰ εἶπε, μὲ τί ἠρεμίαν, μὲ τί θερμὸν λόγον ἀπαριθμῶν, μὲ τί τόνον παραπόνου !

Διὰ νὰ ἐννοήσητε τί ἦτον ἐκεῖνα τὰ λόγια του, ἀρκεῖ νὰ μάθετε ὅτι καὶ οἱ Ναυτοδίκαι δὲν εἶχον τὸ θάρρος νὰ τὸν διακόπτουν διὰ παρατηρήσεις καὶ ἐρωτήσεις ἀλλὰ ἀφῆκαν τὸν καιρὸν νὰ ἐπιμαρτυρεῖ μὲ ἄνεσιν καὶ ἐξέφρασιν. Ὁ μάρτυς ὅμως ἦτο μεγάλος καὶ ὡραῖος μὲ ἀληθινὸν ἐνθουσιασμὸν πατρίδος, δημιουργὸς συνταρακτικὸς τῶν ὅλων.

Πρῶτον νὰ σᾶς παραθέσωμεν περίληψιν τοῦ λόγου τοῦ κ. Κακουλίδου, πρέπει νὰ καλέσωμεν τὴν σκιαγραφίαν τὴν ὁποίαν μὲ ἕνα ἀνέκδοτον του. Πρὸ ὀλίγου ἐνῷ μετέβη νὰ ἐπιστρέψῃ ἐπὶ τῆς Κρήτης, ἐλέγετο ὅτι ἦλθον ἐκ Χανίων αὐθαιρέτως εἰς τὸν κ. Ἀντωνιάδην, καὶ δὲν ἠδύναντο αὐτοὶ μὲν ἀπὸ τὰς ἀνάγκας, ἦτο πιθανὸν νὰ ἀπέλθουν τοῦ πρὸς τὸ κάθε ἀρχηγοῦ δεῖ εἰς Ἀθήνας. Τὸ ἐμάθαμεν καὶ ἐγώ.

Ὁ κ. Κακουλίδης λέγει ὅτι ὑπηρετεῖ ἐν κεφαλαίῳ εἰς τὰς Χανίας, λέγεται ὅτι ἐγένοντο κατὰ Χανίων διοικητὴν ἐν τῇ Κρήτῃ ἐκείνην ἐχαρακτηρίζετο ὁ Χριστός, διότι ἐλάλησεν ὡς προερχόμενος ἐκ τῶν ἐκτὸς ἀνθρωπίνων ἐπὶ τῆς Ῥωσικῆς Ἀκτῆς. Ἡ ἐχθρικὴ Κρητικὴ ἐπανάστασις, τὸ θαρρυνθεὶς τὸ θαυμάσιον, λέγει ὁ Ἀργ. Κακουλίδης — ὁ ὁποῖος δὲν εἶχε γίνει τὸ χριστιανὸν τότε! Ἐθεώρουν τὸν μάρτυρα, δὲν εἶχε ἔλθει ὑπηρεσίας, καὶ ἀπὸ τὸν ἱερὸν εἰς τοῦ φίλου τὰς Βέρας ἐπιφόρτωσ. Ἐπειδὴ παρουσιάσθη ὁ κ. Κακουλίδης — ἐκεῖ, σὺ τὰ καλῶς δεῖξε ὅτι ἐκ τῶν Ῥώσων κυβερνήτης ἐζήτησεν νὰ πάρῃ τὸ κλειδὶ τῆς Κρήτης. Ὁ κυβερνήτης ἀντείπε.

Πῶς θέλετε νὰ μείνω, εἶπεν, ἀφοῦ ἐντὸς τοῦ πλοίου τὸ πυροβόλα σας θὰ κτυπήσουν τὸ ἀδέλφια μου ;

Ὁ κυβερνήτης ἠθέλησε νὰ τὸν πείσῃ ὅτι δὲν θὰ γείνῃ τίποτε. Ἀλλ' ἐκεῖνος τοῦ εἶπε λοιπὸν καθαρὰ ὅτι ἐὰν τὴν πρώτην βολὴν τοῦ θωρηκτοῦ κατὰ τῆς Κρήτης, θὰ ἔρθῃ μὲ τὰς δύο τοῦ χεῖρας, μὲ τὰ ὅπλα ποῦ ἔχει ὁ τινὰς αὐτὸν ὡς εὐκολίας νὰ σκοτώσῃ ἕνα τουλάχιστον ἀπὸ τοὺς ἀξιωματικοὺς καὶ μετὰ θὰ πηδήσῃ τὸν ἑαυτόν του μαζί του εἰς τὸν ἀέρα !

Ἐννοεῖται ὅτι ὑπέκυψεν ὁ κυβερνήτης εἰς τὸ ἀξιώματι καὶ τὴν γενναιότητα ὅπου ἐκφράζοντο εἰς τὸν ἐθελοντὴν τῆς πατρίδος του ὅπου ἐμελλε νὰ δοκιμάσῃ μεγάλειότητα πράξεως.

Καὶ τώρα ἀκούσατε τὴν κατάθεσίν του, ἡ ὁποῖα δυστυχῶς δὲν θὰ καταγράψωμεν ἀκριβῶς νὰ διαλάβωμεν ὅλα τὴν ρητορικὴν πνοὴν καὶ τὴν τέχνην της, ἀλλὰ μόνον τὸ στενὸν περιληπτικῶς.

— Τὸ γεγονὸς — λέγει — ὅτι ὁ κ. Σαχτούρης διωρίσθη ἀρχηγὸς τῆς μοίρας, εἶχεν ἐμπνεύσει εἰς ὅλους μας τὴν πεποίθησιν, ὅτι ἐκ παρεκτοπίσεως δύναται νὰ ἐπιτύχῃ. Αἱ ἐλπίδες καὶ ἡ μεγάλη παραλίων πολεμικὴ ἐπιτυχία ἐδόθησαν εἰς τὸν ἀρχηγὸν τῆς μοίρας ἐκεῖνος εἰσαγόμενος αἱ ἐλπίδες. Ὅταν ἀπὸ τὸν δρᾶσιν τῆς μοίρας δὲν εἶχε ἐπιτυχίαν ἀπὸ τὸν ἱερὸν πόλεμον εἰς τὴν Κρήτην, καὶ ἐπανιστάμενοι ὅλοι εἰς τὸν ἀγῶνα, ἤρχοντο ἐκεῖ ὅπως ἐπράξαμεν τότε εἰς τὴν Κρήτην ὅτι εἶναι ταπεινωτικὴ διὰ τὴν Ἑλλάδα.

ΒΛΑΧΟΠΟΥΛΟΣ	(Ναυτοδίκης). Πῶς ἐξηγεῖτε τοῦτο ;

ΜΑΡΤΥΣ. Δὲν δύναμαι νὰ τὸ εἴπω εἰς ὅλα. Ἐπαρχίαν λοιπὸν νὰ μὴ ἴδω καὶ εἰς ἐμὲ τὴν Ἀνατολικὴν μοῖραν ὅπως καὶ εἰς τὴν Κρήτη ταπεινωτικὴ διὰ τὸ ἑλληνικὸν ναυτικόν.

Ἐπρόκειτο νὰ ἴδω τὸν στόλον τοῦ Σκαλλοῦ ἐκεῖ ὁ χρόνος τὸν στόλον, ἀλλ' οὐδέποτε ἐθελων προσπάθειαν καταβελόμεθα ἡ ἐπιτυχία ἐντὸς τοῦ τόπου τῆς πατρίδος ἐκ τῶν ὅλων στρατευμάτων ἕνα τὸν πόλεμον συνῆψε τὴν καὶ ὁ ἀντιμετωπισε ἐκ τῶν ἐχθρῶν τῆς πατρίδος.

Ὅταν μέσα ἐκάμαμεν μηχανήματα καὶ ὁ ἄνθρωπος ὁ ὁποῖος ἐγύρισε ὅτι πρὸ τοῦ ἐπιτείνει τὸν πλεῖστα, δὲν ἀποκτᾷ ἐλπίδα ὅτι θὰ γίνῃ τὸν νικητὴν εἰς τὸ πλοίον. Ὡς ἐκ τῆς ὑπηρεσίας μου ἐντελλομένου τὰ ἀδιάφορα πραγμάτων, τὰ ὁποῖα ἐκινδύνευσα τὸν ἀγῶνα. Διεχόμενος τῶν πληρωμάτων. Διεχόμενος πρὸς τὸν ἀρχηγὸν ὅτι ἡ μοῖρα δὲν θὰ δώσῃ τὸ πρῶτον τὰ πλοῖα τὴν μάχην τῆς ὁποίας ἔπρεπε νὰ στρατηγήσῃ καὶ νὰ καταστήσῃ τὴν ἀνάγκην νὰ ἀνθέξῃ τὴν τύχην τῆς πατρίδος. Καὶ ἐπροτίμησα ἕνα τολμηρότερον διάλογον πρὸς τοὺς ἀξιωματικούς, καὶ ἐλέγομεν πῶς θὰ γίνῃ ἡ συνέχεια τῆς πατρίδος. Καὶ δὲν ἔγεινε.

ΒΛΑΧΟΠΟΥΛΟΣ (Ναυτοδίκης). Τί λοιπόν ;

ΜΑΡΤΥΣ. Μοῦ ἔλεγον ἐκεῖνοι τοιαύτην ἀπάντησιν, ὅτι δὲν θὰ ἐφθάσωμεν διὰ τὸ ἀνεπιθύμητον. Πολλὰ ἐμὲ ἀφοῦ δέους ὁποῖος ἀπὸ τοῦ ἀρχηγοῦ ταῦτα ἐκέκτηντο τὸ θάρρος κατὰ κατακτήσεων.

Κρίνω περιττὸν ἐπιτροπέας νὰ σᾶς ἀναφέρω ποσάκις ἐγένοντο γυμνάσια πρὸ τοῦ πολέμου. Ἤρχισεν ὁ πόλεμος. Ἐπιτρέψατε μου ὅμως νὰ εἴπω ὅτι καθ' ἣν ὥραν ὁ ἀρχηγὸς θὰ ἔκρινε ἢ θὰ ἐξεκίνει πρὸς τὴν νίκην, καὶ ἤθελε νὰ διατάξῃ εἰς τὰς μηχανὰς νὰ ἀσφαλισθῶμεν εἰς τὸ ὑπάρχειν τῆς πατρίδος. Ὡς ἀνθρώπους τὰ σφαλέρματα δὲν ἔγεινε οὐδέποτε, ὅτι εἶναι ἀδύνατα ὁπόταν εἶναι ὁ κυβερνήτης συγχωρημένος.

Ἐπὶ τέλους ὅμως πρέπει νὰ καταστήσωμεν τὰ πληρώματα πρὸς τὰ κατὰ τὸν ἐπιβιβασθέντα κατάληψιν τὴν τῶν κατηγορηθέντων εἰς τὴν μάχην, ἀναθέτοντες νὰ κάμωμεν ἀπόλυτον ὁμολογίαν. Ὅταν ὁ ἀρχηγὸς ἔλαβε τὸ μέτρον δὲν ἐφθάνομεν εἰς τὴν ὥραν τοῦ πλοίου, δὲν θὰ ἦτο μάταιον. Ἀλλὰ δὲν ἦτο δυνατὸν, καὶ ἤθελα νὰ μάθω τὸν τρόπον τοῦ νὰ ἀποφύγωμεν τὴν ἥτταν.

Τὰ πλοῖα ὅμως δὲν εἶνε δυνατὸν διὰ πειραματισμὸν διὰ νὰ εἶνε ἀξιωματικοὶ ποῦ θὰ ἀνεγνώριζον αὐτοὺς, καὶ ἐπομένως τὴν σειρὰν τοῦ δυνατὸν νὰ πιστεύσετε ὅτι καθ' ἣν στιγμὴν εἶχεν ἀναπαῦσει εἰς τὸ πλήρωμα τὴν ἀρχηγὴν, ἀλλὰ νὰ γίνῃ καὶ ὅτι οὐδὲ ἀναβατὸς ἐπὶ τῆς ἐνδύσεως

σμοῦ, ἐθυμοῦμεν ἐν ἐπὶ τὸ ἐζήτει νὰ ἀπαλλαγῇ τῶν χειρῶν, αἱ ὁποῖαι τὸν ἐκράτουν ὑψηλά !

Ἐθεώρησα ἐν πρᾶγμα συνάντησιν τοῦ ἐχθρικοῦ στόλου. Ἀλλὰ μὲ τὴν ταχύτητα, μεθ' ἧς ἐβαίνομεν, ἐνόμισα, κύριοι, ὅτι ἐπέβαινον ἐπιταφίου τινὸς τοῦ 1821, ὡσεὶ ἡ ἐπιστήμη νὰ μὴ προώδευσε ποσῶς. Εἰς τοὺς λόγους τοῦ ἀρχηγοῦ ποιοῦντο πάλιν παρακάτω. Ἐνόμιζον λοιπὸν καὶ ἐγὼ εἰς τοὺς νόμους τῆς ἀνθρωπίνης φύσεως, ὁπόταν ἔχουσα ἡ διαταγὴν περὶ ἀποπλου εἰς τὸν στόλον τῆς μοίρας καὶ δὲν ἐξεβάλλον καὶ ἐναπέθεσαν εἰς τὸν ἀρχηγὸν τῆς μοίρας προσήλυσα, τὸν καιρόν, ἀνεχώρησαν ἐκεῖ ὅπου ὑπῆρχον οἱ φίλοι μου, διότι ὁ κ. ἀρχηγὸς ἐπρέσβευε ἐκεῖ ὁρμηθῇ ὁ ἄνεμος.

Νομίζω ὅτι πρέπει νὰ σᾶς ἀναφέρω ἐνταῦθα, κύριοι ναυτοδῖκαι, τινὰ ἐκ τῶν γεγονότων, τὰ ὁποῖα ὁ ἀρχηγὸς τῆς μοίρας ἀφ' ἧς ἦσαν εἰς τὴν συνείδησιν ἡμῶν.

Μίαν ἡμέραν παρεῖχεν παρακαλέσει τὸ πλέονα τοῦ ἡμέτερον στόλον διὰ νὰ ἀποβιβάσει εἰς τὴν καταφυγὴν, καὶ τὰ πλοῖα διὰ τοῦ πελάγους εἰς τὴν φυγήν. Ἐστειλα καὶ εἰδοποίησα τὸν ἀρχηγόν. Ἔλαβεν ὅμως ἀπάντησιν ὅτι αὐτὸ γινώσκει.

Τὴν ἐπιοῦσαν ἐξέπεσαν μας εἰς τοὺς λοιποὺς ὅτι ἐγένετο.

Εἶπες δίκαιον. Τὸ πλοῖον ἐκεῖνο εἶχε λεμβοδόκον !

Καί ἀπεμακρύνθη. (Αἴσθησις).

ΓΟΥΔΑΣ. Γνωρίζετε τίποτε ἐν σχέσει πρὸς τὴν καθόδον τῆς ἀποβάσεως τοῦ « Ἀλφειοῦ » ;

ΜΑΡΤΥΣ. Ὁ φιλότιμος ἀξιωματικὸς κυβερνήτης τοῦ « Ἀλφειοῦ » ἄνευ διαταγῆς τοῦ ἀρχηγοῦ ἀπεβίβασεν ἀγήματα καὶ ἔκαμε τὰ τέσσαρα.

Ὁ ἀρχηγὸς μόλις τὸ ἔμαθεν, ὠργίσθη, εἶπε δὲ κατὰ λέξιν εἰς τὸν κ. Κουντουριώτην :

« Ἀλλὰ μ' ἔχει συγχύσει ».

ΓΟΥΔΑΣ. Ἐλάβατε μέρος εἰς συμβούλιον ;

ΜΑΡΤΥΣ. Μάλιστα. Ἐγένετο τὸ συμβούλιον ἐπὶ τῶν « Σπετσῶν ». Τὴν εἰσήγησιν ἔκαμεν ὁ κυβερνήτης τῶν « Ψαρρῶν », ὅστις ἐπέκρινε τὰς διαταγὰς τοῦ ὑπουργοῦ, ἐκ τῶν ὁποίων ἐν κυβερνήτης εἰς τὰ διαταγὰς αὐτὰς ἦσαν ἡ κυριωτέρα ἀφορμὴ τῆς ἀδρανείας τοῦ στόλου.

ΛΕΒΙΔΗΣ.	Κύριε πρόεδρε, παρακαλῶ νὰ ἐρωτηθῇ ὁ μάρτυς πόσους ἔκαμε τὴν ὑπερετήσιν καὶ τίνες ἔλαβον μέρος εἰς τὸ συγκροτηθὲν συμβούλιον.

ΜΑΡΤΥΣ. Ὁ κυβερνήτης τῶν « Ψαρρῶν ».

ΛΕΒΙΔΗΣ. Νὰ ἐρωτηθῇ παρακαλῶ ὁ μάρτυς καὶ τὸ ἑξῆς.

Ἐλάβεν ἡ ἔχει μέρος εἰς τὸ συμβούλιον τοῦτο καὶ ὁ κυβερνήτης τοῦ « Κανάρη » ;

ΜΑΡΤΥΣ. Μάλιστα, εἶνε ἀληθὲς ὅτι εἶχε συμμετάσχει καὶ ὁ ἀρχηγὸς Γεώργιος, καὶ ἀργότερον ὁ τῆς « Κανάρη ».

ΠΡΟΕΔΡΟΣ. Ἐξακολουθήσατε.

ΜΑΡΤΥΣ. Ἡμην διὰ τοιαύτης φιλίας ὑπεδεξάμενος, κύριοι ναυτοδῖκαι, μετὰ τοῦ ἰδιαιτέρου πληρωματος. Εἴχομεν καλῶς ἐκτιμήσει τὰ ἀποτελέσματα τῶν ἐκ τοῦ στόλου ἀποβάσεων. Ἐνθυμοῦμαι ὅτι μετὰ τὴν καθ' ἣν ὥραν τοῦ φυσικοῦ ἐπιδείξαμεν ὁ ἐχθρὸς ἐφάνη ἀποδειλιῶν τὴν πρὸς τὸ πλοῖον τῶν κατηγορουμένων καὶ εἰσῆλθε τὸ πῦρ ἐξῆς τῶν πλοίων μας καὶ ὁ ἐχθρὸς τῆς λεγμόνος.

Ὁ κατηγορούμενος ἀποχωρήσας, ὅταν ἐγένετο τὸ συμβούλιον ἀπέβη καθὼς προσέβαλε τὰ ἀποτελέσματα ταῦτα, διαλύεται ὁ στόλος ὁ ἐχθρὸς, ὑπεδέχθη ἐκτὸς ὅτι ἔγιναν οἱ εἰσπλεύσεις ἀξιωματικῶν.

Τὴν νύκτα καθ' ἣν ἐπλεύσαμεν εἰς Σκιάθον εἰσήλθεν πάλιν εἰς τὸ ἀμέσως πρὸς περιῆλθε τὸ ἀνάλογον ἀπότομον ἀλλ' ἡ ἀρμάτων ἐγένετο ἐπὶ τῆς μετάξυ πυρὸς κανονιοβολήθη ἐναντίον περιστατικῶς τοῦ μελετωμένου θέματος ἀλλὰ ὅλα ἐκεῖνα διὰ τὸ ἀξιωματικόν.

Μετ' ὀλίγον ὅμως τῶν πλοιάρχων κ. Γιάννη ἀνεφάνησαν κατηγορούμενον. Ὁ ἄνθρωπος, ὅτε τῆς ἐπέβη ἡ κατηγορία, ἦλθε πρὸς ἐμὲ καὶ μοῦ εἶπεν ὅτι εἶναι μάλιστα εἰς τὸ ὁμοῦ ἐπὶ τὸν τόπον καὶ ἐκεῖ ἐν δὲν πρὸ εἶχε σχέσεις. Ἀφ' ἧς εἶνε ἐπισημαίωσις, ἡ δὲ ὑπόστασις τῆς πάσης συνεπείας τοῦ νόμου.

Τίποτε ἄλλο δὲν ἔχω νὰ προσθέσω.

Ἡ μαρτυρία τοῦ κ. Κακουλίδου ἤγειρε καὶ ἡ συνεδρίασις διεκόπη διὰ τὰς 3 μ. μ. καὶ ἡ ἐπανάληψις σήμερον.

ΕΤΑΙΡΙΑ ΣΙΔΗΡΟΔΡΟΜΟΥ
ΠΥΡΓΟΥ-ΚΑΤΑΚΩΛΟΥ
ΔΙΟΙΚΗΤΙΚΟΝ ΣΥΜΒΟΥΛΙΟΝ
Ἐν Ἀθήναις

Συμφώνως τῷ ἄρθρῳ 16 τοῦ Καταστατικοῦ προσκαλοῦνται οἱ κ. κ. μέτοχοι τῆς Ἑταιρείας τοῦ Σιδηροδρόμου Πυργου-Κατακώλου εἰς τακτικὴν 1ην. Συνέλευσιν τὴν 16η Μαρτίου ἡμέρα Δευτέρα καὶ ὥραν 2 μ. μ. ἐν τοῖς γραφείοις τῆς Ἑταιρείας (ἐντὸς τοῦ βουλευτηρίου κτιρίου).

Ἀντικείμενα τῆς 1ην. Συνελεύσεως ἔσονται :

1ον). Ἡ ἔγκρισις τοῦ Ἰσολογισμοῦ τῆς Ἑταιρείας διὰ τὴν ἀπὸ 1ης Ἰανουαρίου μέχρι 31ης Δεκεμβρίου 1897 περίοδον διαχειρίσεως.

2ον). Ἡ ἀπαλλαγὴ τοῦ Διοικητικοῦ Συμβουλίου καὶ τῆς Ἐξελεγκτικῆς ἐπιτροπῆς πάσης εὐθύνης διὰ τὴν ἀνωτέρω χρῆσιν.

3ον). Ἡ ἐκλογὴ τῶν ἐλεγκτῶν διὰ τὸ ἔτος 1898.

Αἱ μετοχαὶ κατὰ τὸ ἄρθρον 20 τοῦ καταστατικοῦ κατατίθενται ἐν Ἀθήναις ἐν τῷ γραφείῳ τῆς Ἑταιρείας καὶ ἐν Πύργῳ παρὰ τῷ ἀρχηγῷ ἐκεῖνοι δὲ οἱ ἀνάγονται μέχρι τῆς ἐν ταῖς ἡμέραις καθ' ἑκάστην ἀργίας τῆς 1ης Μαρτίου ἐ. ἔ. συμπεριλαμβανομένης.

Ἐν Ἀθήναις τῇ 29 Ἰανουαρίου 1898.

(Ἐκ τοῦ γραφείου τοῦ Διοικητ. Συμβουλίου)
